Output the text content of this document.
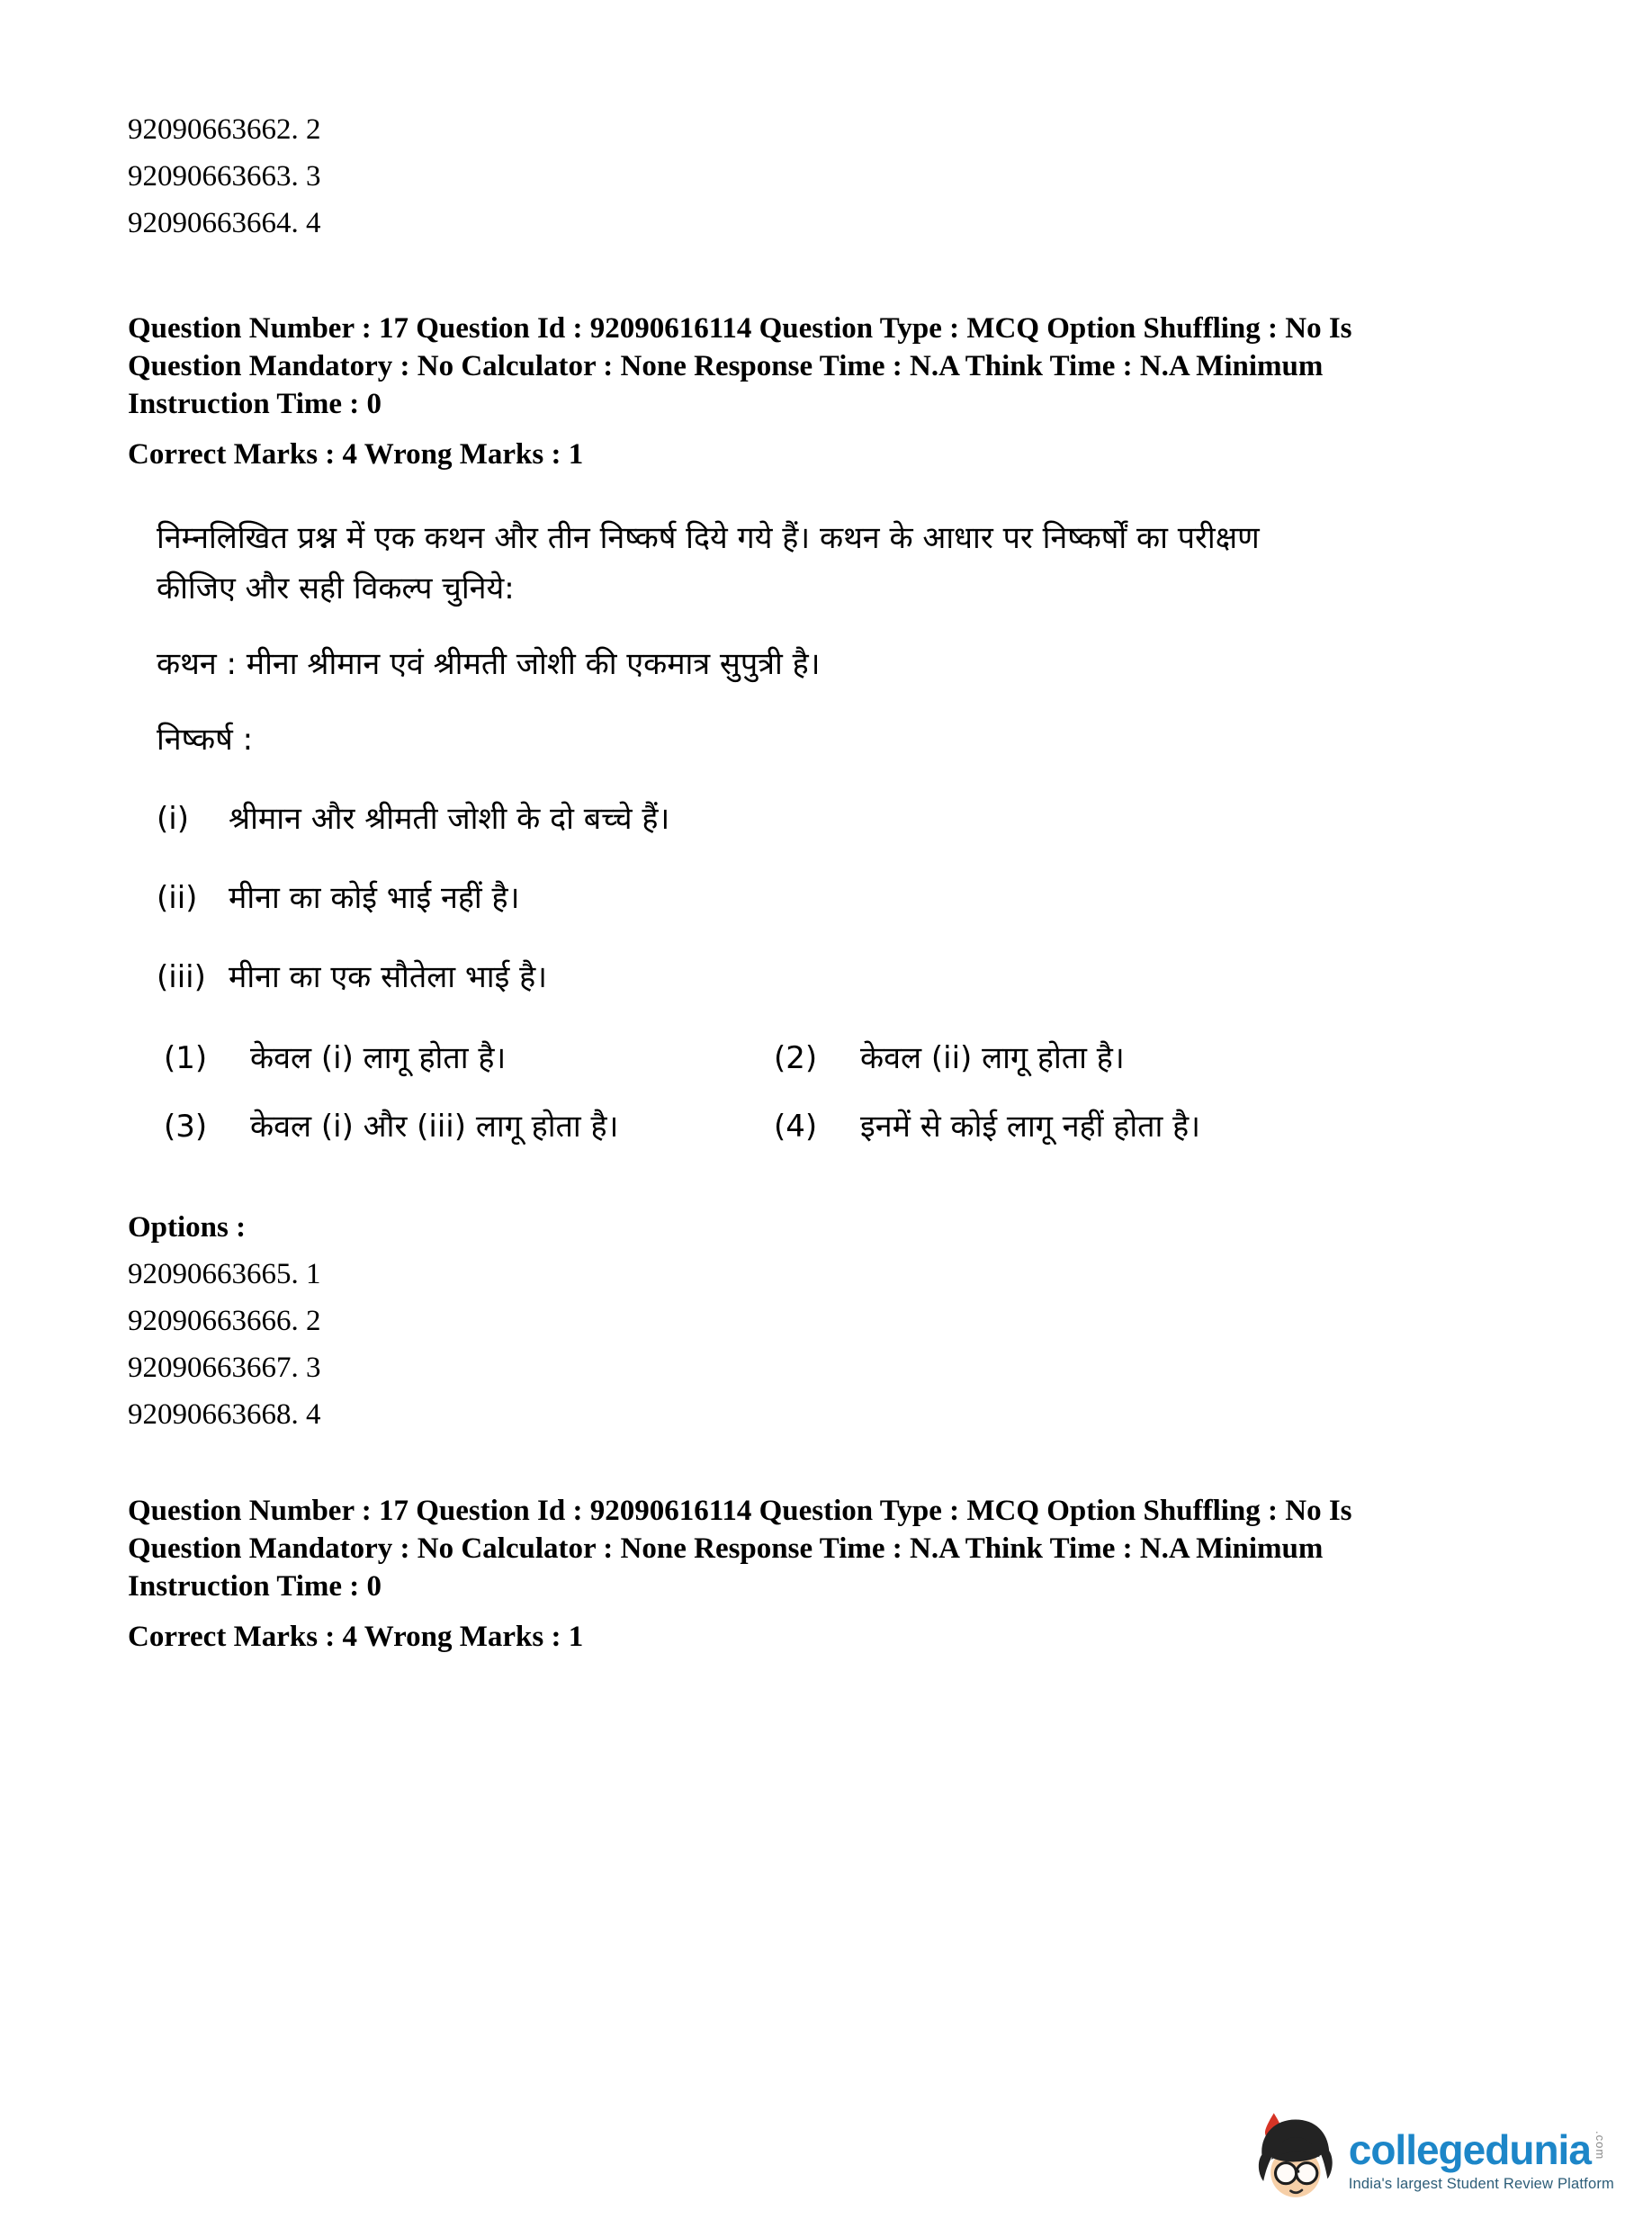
92090663662. 2
92090663663. 3
92090663664. 4
Question Number : 17 Question Id : 92090616114 Question Type : MCQ Option Shuffling : No Is
Question Mandatory : No Calculator : None Response Time : N.A Think Time : N.A Minimum
Instruction Time : 0
Correct Marks : 4 Wrong Marks : 1
निम्नलिखित प्रश्न में एक कथन और तीन निष्कर्ष दिये गये हैं। कथन के आधार पर निष्कर्षों का परीक्षण
कीजिए और सही विकल्प चुनिये:
कथन : मीना श्रीमान एवं श्रीमती जोशी की एकमात्र सुपुत्री है।
निष्कर्ष :
(i)	श्रीमान और श्रीमती जोशी के दो बच्चे हैं।
(ii)	मीना का कोई भाई नहीं है।
(iii) मीना का एक सौतेला भाई है।
(1)	केवल (i) लागू होता है।	(2)	केवल (ii) लागू होता है।
(3)	केवल (i) और (iii) लागू होता है।	(4)	इनमें से कोई लागू नहीं होता है।
Options :
92090663665. 1
92090663666. 2
92090663667. 3
92090663668. 4
Question Number : 17 Question Id : 92090616114 Question Type : MCQ Option Shuffling : No Is
Question Mandatory : No Calculator : None Response Time : N.A Think Time : N.A Minimum
Instruction Time : 0
Correct Marks : 4 Wrong Marks : 1
collegedunia .com
India's largest Student Review Platform
